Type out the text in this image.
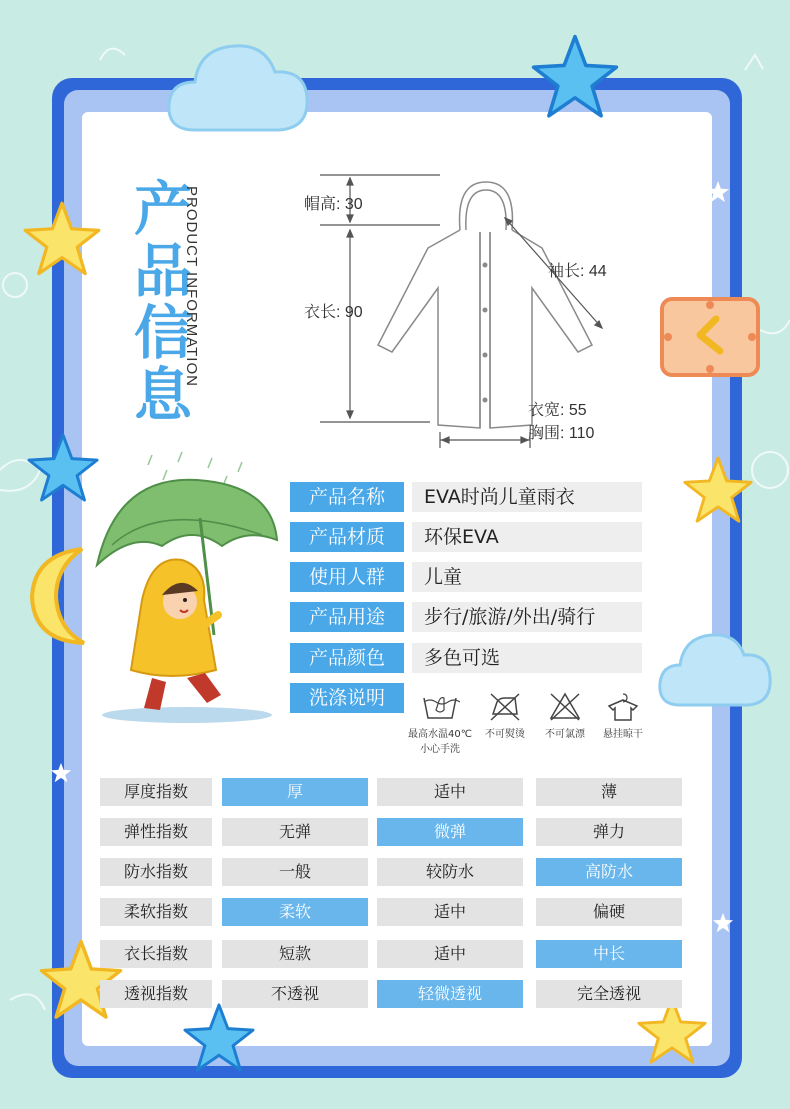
产
品
信
息
PRODUCT INFORMATION	帽高: 30
衣长: 90
袖长: 44
衣宽: 55
胸围: 110
产品名称	EVA时尚儿童雨衣
产品材质	环保EVA
使用人群	儿童
产品用途	步行/旅游/外出/骑行
产品颜色	多色可选
洗涤说明
最高水温40℃
小心手洗
不可熨烫	不可氯漂	悬挂晾干
厚度指数	厚	适中	薄
弹性指数	无弹	微弹	弹力
防水指数	一般	较防水	高防水
柔软指数	柔软	适中	偏硬
衣长指数	短款	适中	中长
透视指数	不透视	轻微透视	完全透视
